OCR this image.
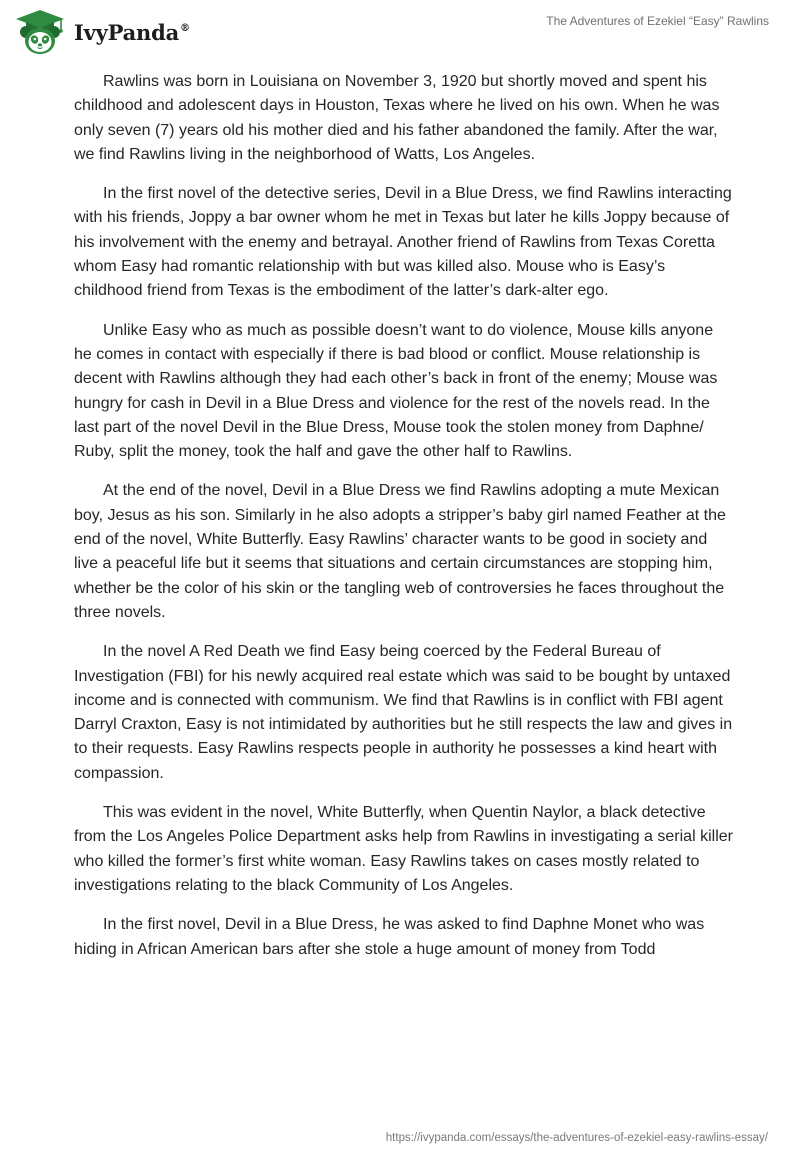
IvyPanda®	The Adventures of Ezekiel “Easy” Rawlins

Rawlins was born in Louisiana on November 3, 1920 but shortly moved and spent his childhood and adolescent days in Houston, Texas where he lived on his own. When he was only seven (7) years old his mother died and his father abandoned the family. After the war, we find Rawlins living in the neighborhood of Watts, Los Angeles.

In the first novel of the detective series, Devil in a Blue Dress, we find Rawlins interacting with his friends, Joppy a bar owner whom he met in Texas but later he kills Joppy because of his involvement with the enemy and betrayal. Another friend of Rawlins from Texas Coretta whom Easy had romantic relationship with but was killed also. Mouse who is Easy’s childhood friend from Texas is the embodiment of the latter’s dark-alter ego.

Unlike Easy who as much as possible doesn’t want to do violence, Mouse kills anyone he comes in contact with especially if there is bad blood or conflict. Mouse relationship is decent with Rawlins although they had each other’s back in front of the enemy; Mouse was hungry for cash in Devil in a Blue Dress and violence for the rest of the novels read. In the last part of the novel Devil in the Blue Dress, Mouse took the stolen money from Daphne/ Ruby, split the money, took the half and gave the other half to Rawlins.

At the end of the novel, Devil in a Blue Dress we find Rawlins adopting a mute Mexican boy, Jesus as his son. Similarly in he also adopts a stripper’s baby girl named Feather at the end of the novel, White Butterfly. Easy Rawlins’ character wants to be good in society and live a peaceful life but it seems that situations and certain circumstances are stopping him, whether be the color of his skin or the tangling web of controversies he faces throughout the three novels.

In the novel A Red Death we find Easy being coerced by the Federal Bureau of Investigation (FBI) for his newly acquired real estate which was said to be bought by untaxed income and is connected with communism. We find that Rawlins is in conflict with FBI agent Darryl Craxton, Easy is not intimidated by authorities but he still respects the law and gives in to their requests. Easy Rawlins respects people in authority he possesses a kind heart with compassion.

This was evident in the novel, White Butterfly, when Quentin Naylor, a black detective from the Los Angeles Police Department asks help from Rawlins in investigating a serial killer who killed the former’s first white woman. Easy Rawlins takes on cases mostly related to investigations relating to the black Community of Los Angeles.

In the first novel, Devil in a Blue Dress, he was asked to find Daphne Monet who was hiding in African American bars after she stole a huge amount of money from Todd

https://ivypanda.com/essays/the-adventures-of-ezekiel-easy-rawlins-essay/
